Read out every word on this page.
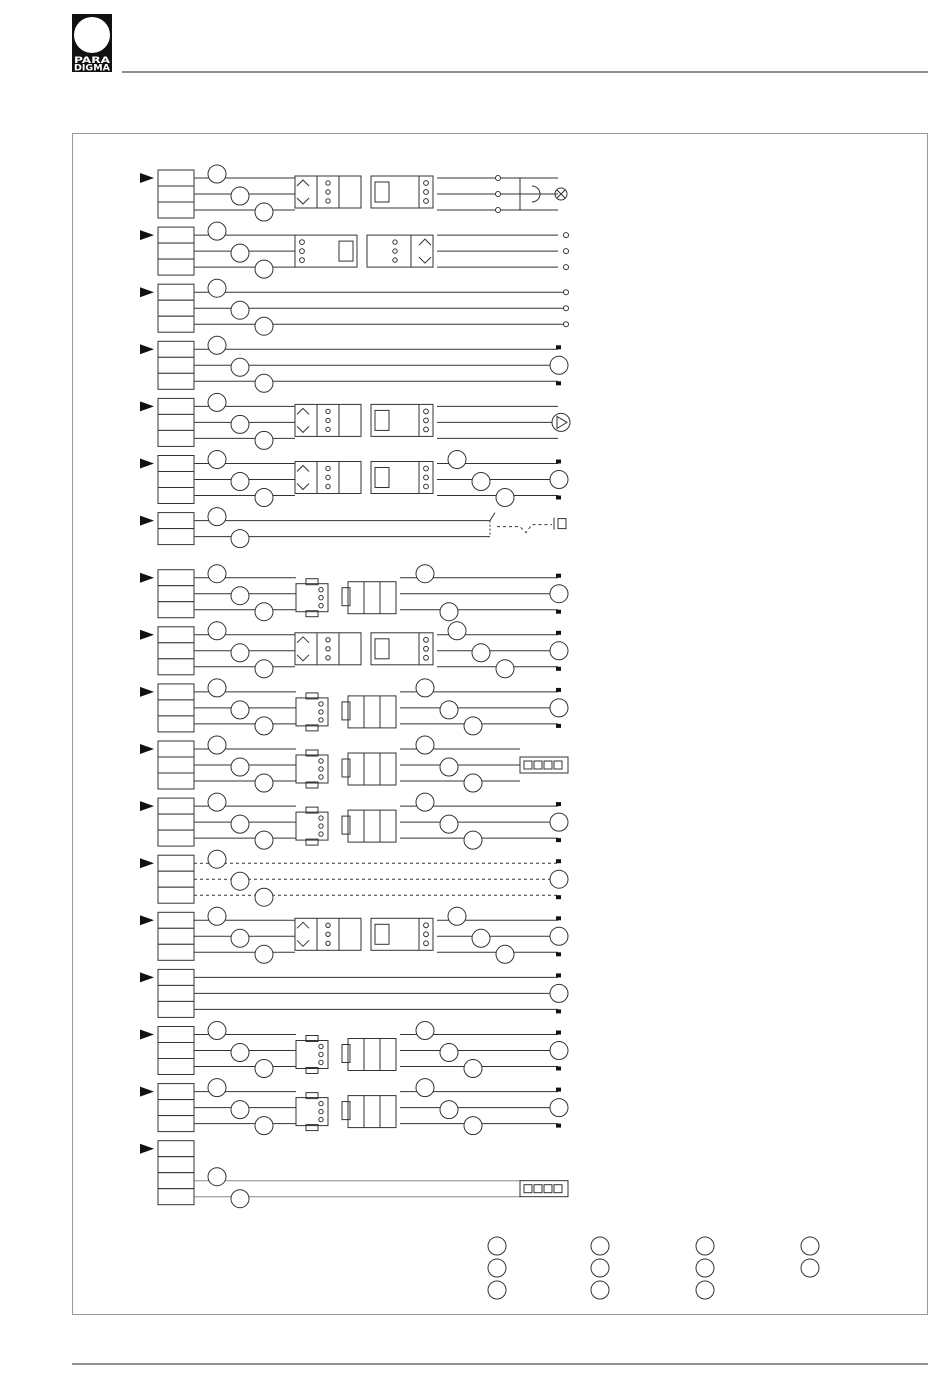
PARA
DIGMA
